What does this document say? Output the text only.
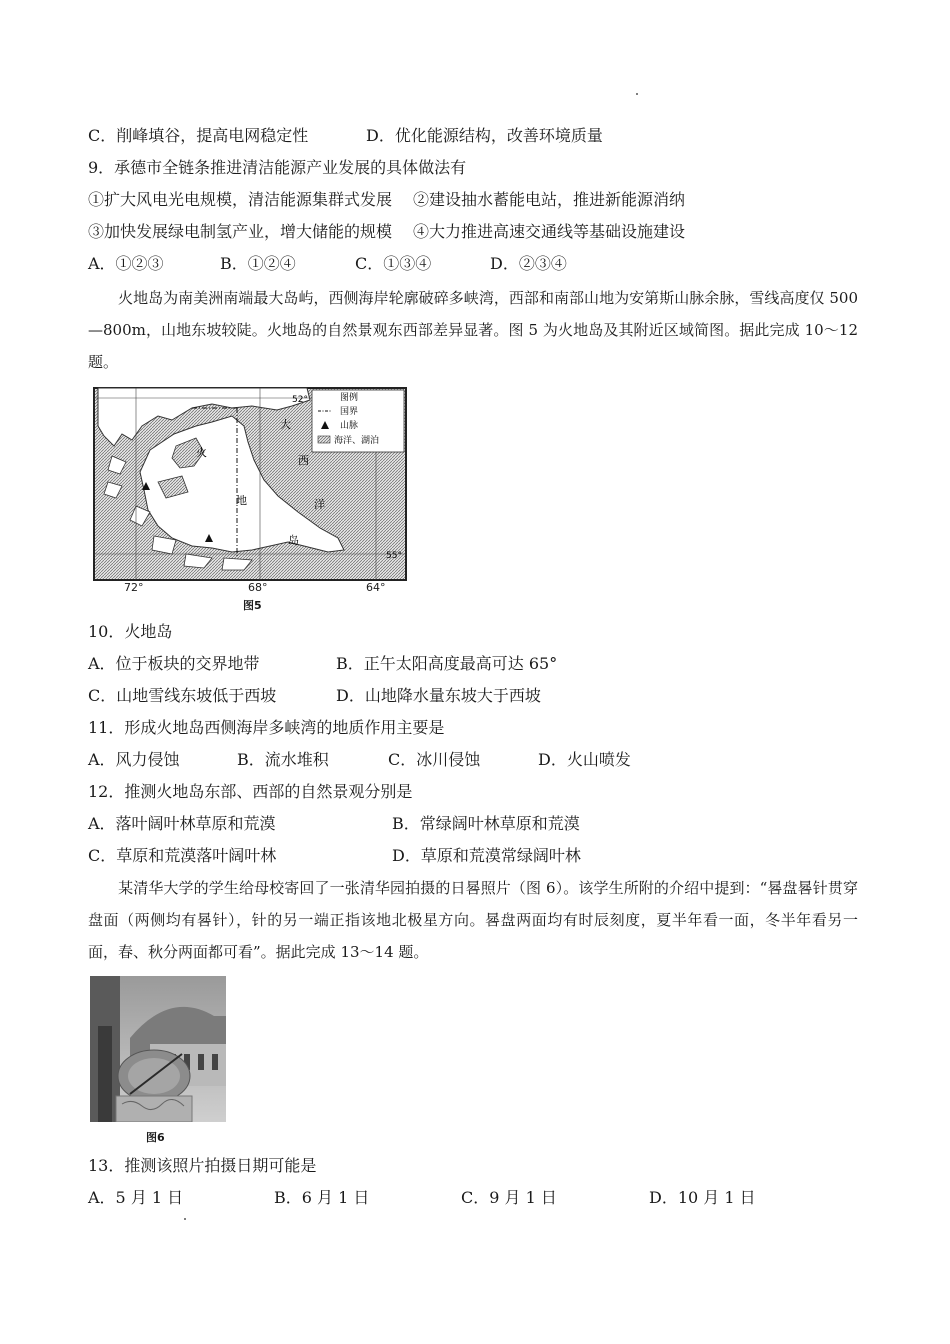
C．削峰填谷，提高电网稳定性	D．优化能源结构，改善环境质量
9．承德市全链条推进清洁能源产业发展的具体做法有
①扩大风电光电规模，清洁能源集群式发展 ②建设抽水蓄能电站，推进新能源消纳
③加快发展绿电制氢产业，增大储能的规模 ④大力推进高速交通线等基础设施建设
A．①②③	B．①②④	C．①③④	D．②③④
火地岛为南美洲南端最大岛屿，西侧海岸轮廓破碎多峡湾，西部和南部山地为安第斯山脉余脉，雪线高度仅 500—800m，山地东坡较陡。火地岛的自然景观东西部差异显著。图 5 为火地岛及其附近区域简图。据此完成 10～12 题。
图例
国界
山脉
海洋、湖泊
52°
55°
大
西
洋
火
地
岛
72°	68°	64°
图5
10．火地岛
A．位于板块的交界地带	B．正午太阳高度最高可达 65°
C．山地雪线东坡低于西坡	D．山地降水量东坡大于西坡
11．形成火地岛西侧海岸多峡湾的地质作用主要是
A．风力侵蚀	B．流水堆积	C．冰川侵蚀	D．火山喷发
12．推测火地岛东部、西部的自然景观分别是
A．落叶阔叶林草原和荒漠	B．常绿阔叶林草原和荒漠
C．草原和荒漠落叶阔叶林	D．草原和荒漠常绿阔叶林
某清华大学的学生给母校寄回了一张清华园拍摄的日晷照片（图 6）。该学生所附的介绍中提到：“晷盘晷针贯穿盘面（两侧均有晷针），针的另一端正指该地北极星方向。晷盘两面均有时辰刻度，夏半年看一面，冬半年看另一面，春、秋分两面都可看”。据此完成 13～14 题。
图6
13．推测该照片拍摄日期可能是
A．5 月 1 日	B．6 月 1 日	C．9 月 1 日	D．10 月 1 日
